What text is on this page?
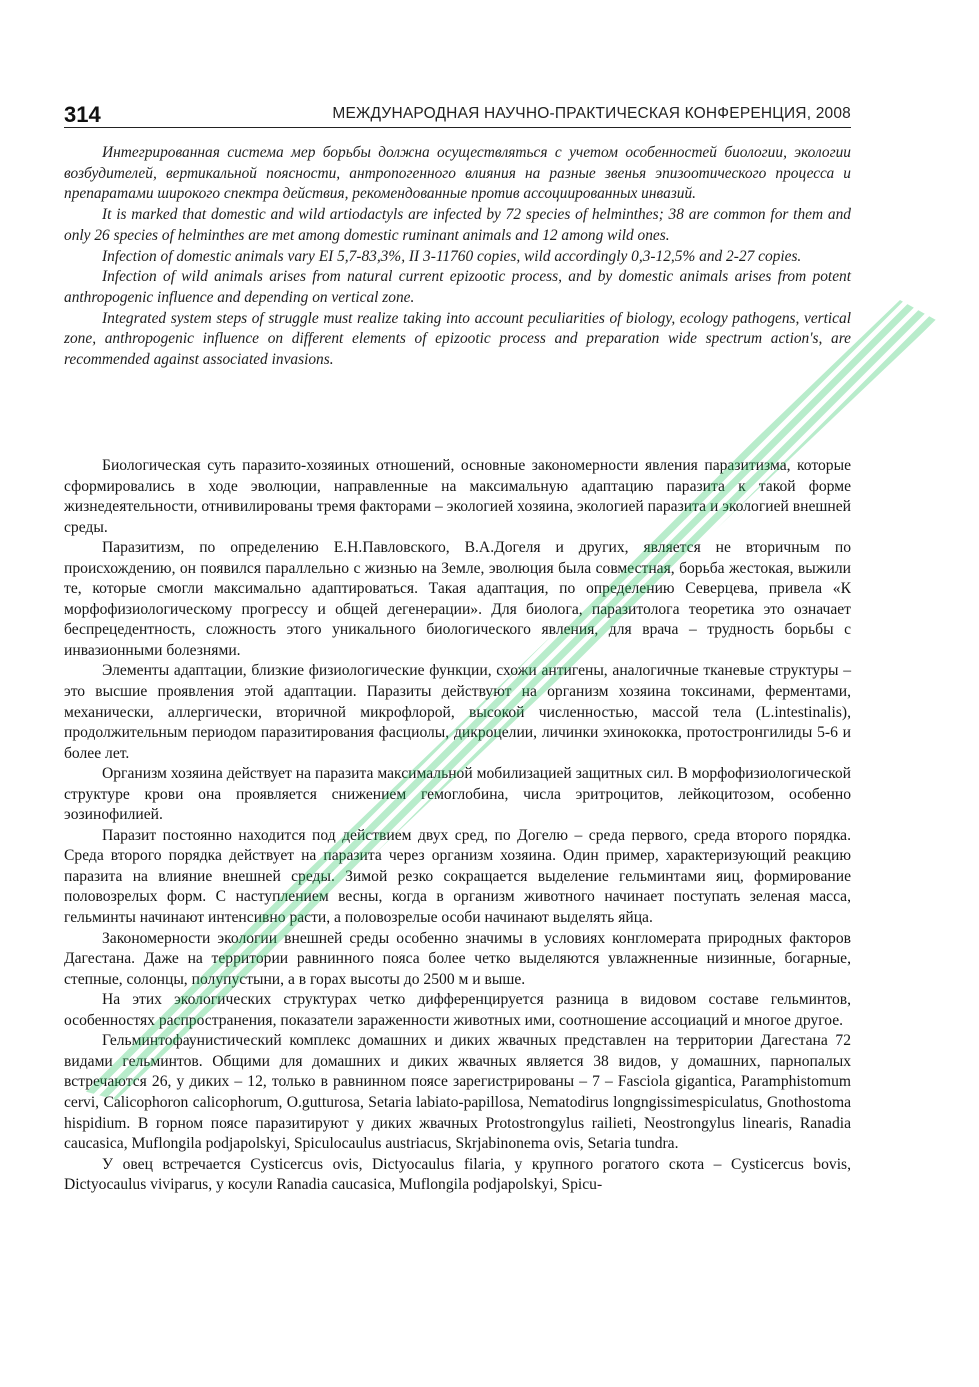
314	МЕЖДУНАРОДНАЯ НАУЧНО-ПРАКТИЧЕСКАЯ КОНФЕРЕНЦИЯ, 2008

Интегрированная система мер борьбы должна осуществляться с учетом особенностей биологии, экологии возбудителей, вертикальной поясности, антропогенного влияния на разные звенья эпизоотического процесса и препаратами широкого спектра действия, рекомендованные против ассоциированных инвазий.

It is marked that domestic and wild artiodactyls are infected by 72 species of helminthes; 38 are common for them and only 26 species of helminthes are met among domestic ruminant animals and 12 among wild ones.

Infection of domestic animals vary EI 5,7-83,3%, II 3-11760 copies, wild accordingly 0,3-12,5% and 2-27 copies.

Infection of wild animals arises from natural current epizootic process, and by domestic animals arises from potent anthropogenic influence and depending on vertical zone.

Integrated system steps of struggle must realize taking into account peculiarities of biology, ecology pathogens, vertical zone, anthropogenic influence on different elements of epizootic process and preparation wide spectrum action's, are recommended against associated invasions.

Биологическая суть паразито-хозяиных отношений, основные закономерности явления паразитизма, которые сформировались в ходе эволюции, направленные на максимальную адаптацию паразита к такой форме жизнедеятельности, отнивилированы тремя факторами – экологией хозяина, экологией паразита и экологией внешней среды.

Паразитизм, по определению Е.Н.Павловского, В.А.Догеля и других, является не вторичным по происхождению, он появился параллельно с жизнью на Земле, эволюция была совместная, борьба жестокая, выжили те, которые смогли максимально адаптироваться. Такая адаптация, по определению Северцева, привела «К морфофизиологическому прогрессу и общей дегенерации». Для биолога, паразитолога теоретика это означает беспрецедентность, сложность этого уникального биологического явления, для врача – трудность борьбы с инвазионными болезнями.

Элементы адаптации, близкие физиологические функции, схожи антигены, аналогичные тканевые структуры – это высшие проявления этой адаптации. Паразиты действуют на организм хозяина токсинами, ферментами, механически, аллергически, вторичной микрофлорой, высокой численностью, массой тела (L.intestinalis), продолжительным периодом паразитирования фасциолы, дикроцелии, личинки эхинококка, протостронгилиды 5-6 и более лет.

Организм хозяина действует на паразита максимальной мобилизацией защитных сил. В морфофизиологической структуре крови она проявляется снижением гемоглобина, числа эритроцитов, лейкоцитозом, особенно эозинофилией.

Паразит постоянно находится под действием двух сред, по Догелю – среда первого, среда второго порядка. Среда второго порядка действует на паразита через организм хозяина. Один пример, характеризующий реакцию паразита на влияние внешней среды. Зимой резко сокращается выделение гельминтами яиц, формирование половозрелых форм. С наступлением весны, когда в организм животного начинает поступать зеленая масса, гельминты начинают интенсивно расти, а половозрелые особи начинают выделять яйца.

Закономерности экологии внешней среды особенно значимы в условиях конгломерата природных факторов Дагестана. Даже на территории равнинного пояса более четко выделяются увлажненные низинные, богарные, степные, солонцы, полупустыни, а в горах высоты до 2500 м и выше.

На этих экологических структурах четко дифференцируется разница в видовом составе гельминтов, особенностях распространения, показатели зараженности животных ими, соотношение ассоциаций и многое другое.

Гельминтофаунистический комплекс домашних и диких жвачных представлен на территории Дагестана 72 видами гельминтов. Общими для домашних и диких жвачных является 38 видов, у домашних, парнопалых встречаются 26, у диких – 12, только в равнинном поясе зарегистрированы – 7 – Fasciola gigantica, Paramphistomum cervi, Calicophoron calicophorum, O.gutturosa, Setaria labiato-papillosa, Nematodirus longngissimespiculatus, Gnothostoma hispidium. В горном поясе паразитируют у диких жвачных Protostrongylus railieti, Neostrongylus linearis, Ranadia caucasica, Muflongila podjapolskyi, Spiculocaulus austriacus, Skrjabinonema ovis, Setaria tundra.

У овец встречается Cysticercus ovis, Dictyocaulus filaria, у крупного рогатого скота – Cysticercus bovis, Dictyocaulus viviparus, у косули Ranadia caucasica, Muflongila podjapolskyi, Spicu-
